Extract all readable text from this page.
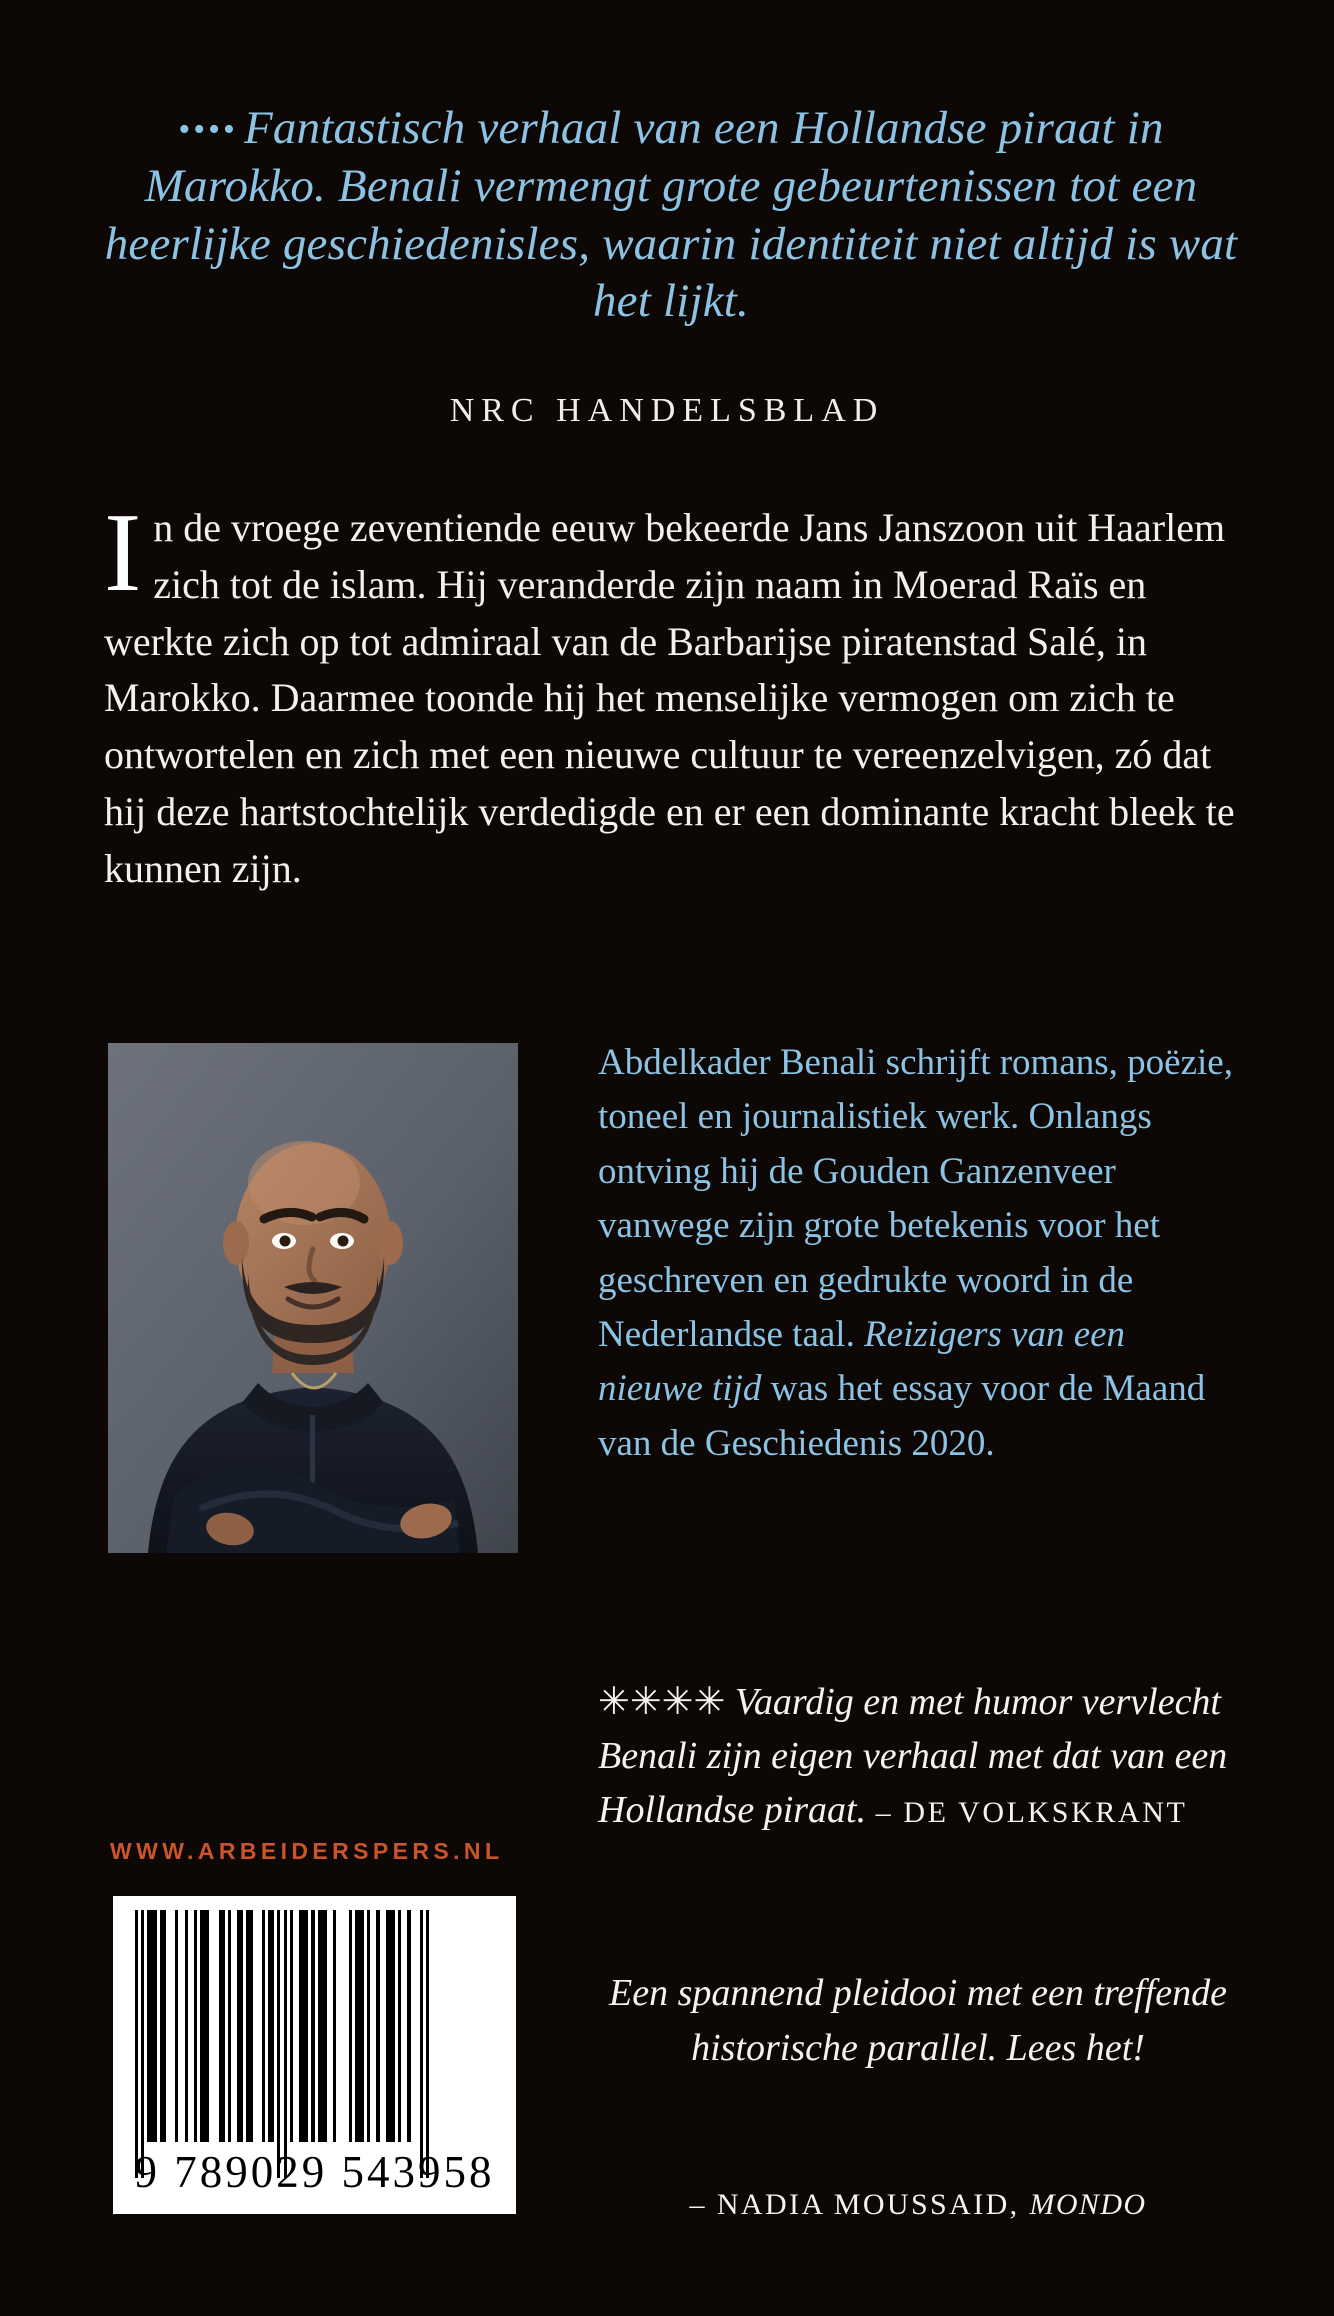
•••• Fantastisch verhaal van een Hollandse piraat in Marokko. Benali vermengt grote gebeurtenissen tot een heerlijke geschiedenisles, waarin identiteit niet altijd is wat het lijkt.
NRC HANDELSBLAD
In de vroege zeventiende eeuw bekeerde Jans Janszoon uit Haarlem zich tot de islam. Hij veranderde zijn naam in Moerad Raïs en werkte zich op tot admiraal van de Barbarijse piratenstad Salé, in Marokko. Daarmee toonde hij het menselijke vermogen om zich te ontwortelen en zich met een nieuwe cultuur te vereenzelvigen, zó dat hij deze hartstochtelijk verdedigde en er een dominante kracht bleek te kunnen zijn.
WWW.ARBEIDERSPERS.NL
9 789029 543958
Abdelkader Benali schrijft romans, poëzie, toneel en journalistiek werk. Onlangs ontving hij de Gouden Ganzenveer vanwege zijn grote betekenis voor het geschreven en gedrukte woord in de Nederlandse taal. Reizigers van een nieuwe tijd was het essay voor de Maand van de Geschiedenis 2020.
✳✳✳✳ Vaardig en met humor vervlecht Benali zijn eigen verhaal met dat van een Hollandse piraat. – DE VOLKSKRANT
Een spannend pleidooi met een treffende historische parallel. Lees het!
– NADIA MOUSSAID, MONDO
